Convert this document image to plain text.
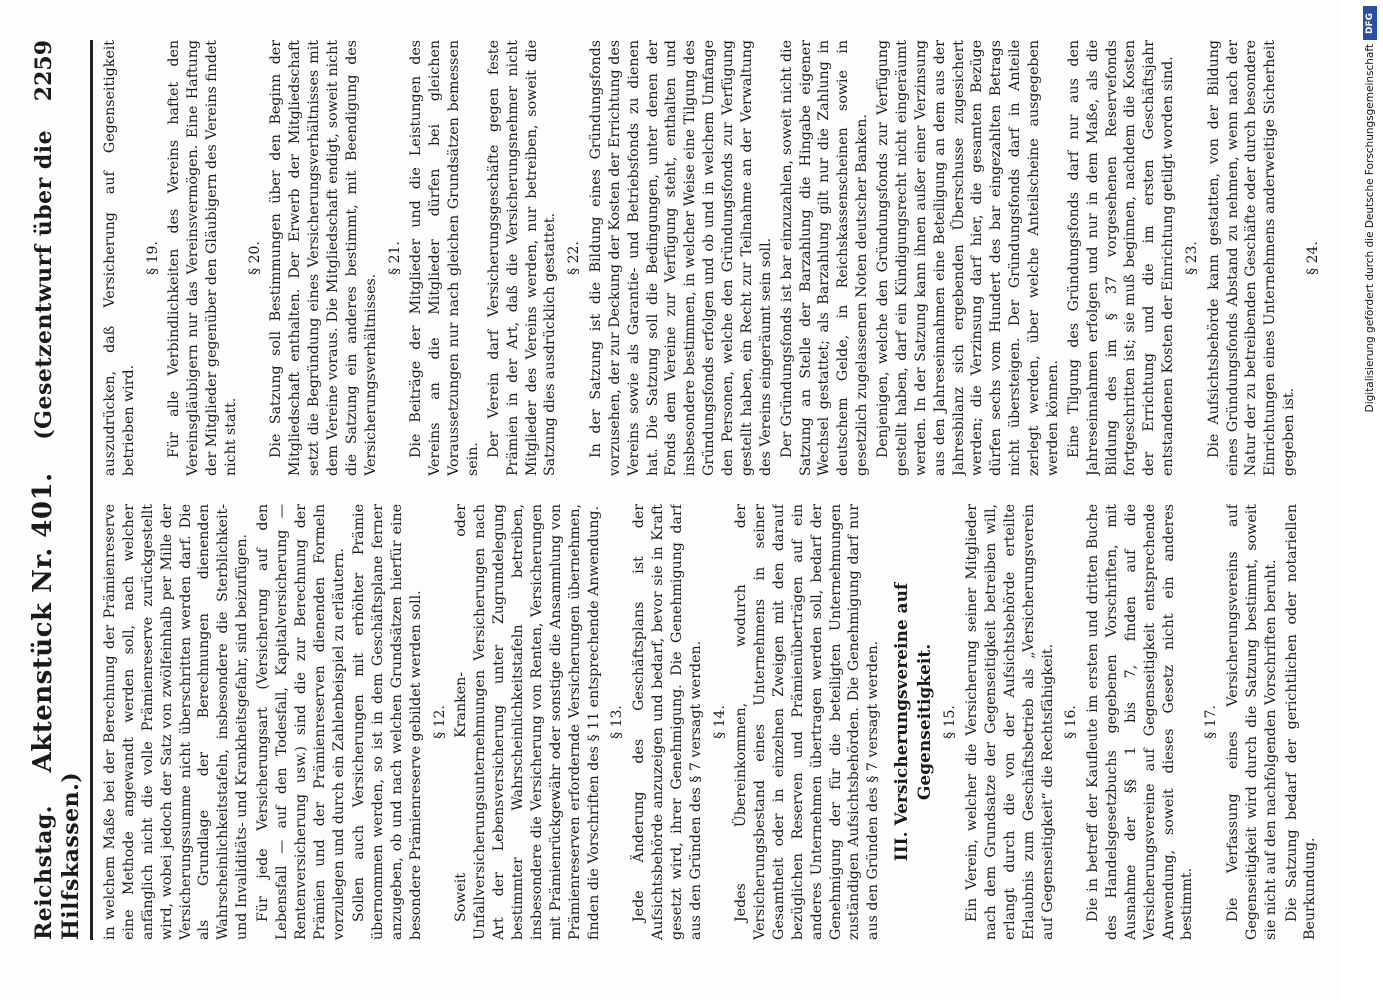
Reichstag.    Aktenstück Nr. 401.    (Gesetzentwurf über die Hilfskassen.)
2259

in welchem Maße bei der Berechnung der Prämienreserve eine Methode angewandt werden soll, nach welcher anfänglich nicht die volle Prämienreserve zurückgestellt wird, wobei jedoch der Satz von zwölfeinhalb per Mille der Versicherungssumme nicht überschritten werden darf. Die als Grundlage der Berechnungen dienenden Wahrscheinlichkeitstafeln, insbesondere die Sterblichkeit- und Invaliditäts- und Krankheitsgefahr, sind beizufügen. Für jede Versicherungsart (Versicherung auf den Lebensfall — auf den Todesfall, Kapitalversicherung — Rentenversicherung usw.) sind die zur Berechnung der Prämien und der Prämienreserven dienenden Formeln vorzulegen und durch ein Zahlenbeispiel zu erläutern. Sollen auch Versicherungen mit erhöhter Prämie übernommen werden, so ist in dem Geschäftsplane ferner anzugeben, ob und nach welchen Grundsätzen hierfür eine besondere Prämienreserve gebildet werden soll. § 12. Soweit Kranken- oder Unfallversicherungsunternehmungen Versicherungen nach Art der Lebensversicherung unter Zugrundelegung bestimmter Wahrscheinlichkeitstafeln betreiben, insbesondere die Versicherung von Renten, Versicherungen mit Prämienrückgewähr oder sonstige die Ansammlung von Prämienreserven erfordernde Versicherungen übernehmen, finden die Vorschriften des § 11 entsprechende Anwendung. § 13. Jede Änderung des Geschäftsplans ist der Aufsichtsbehörde anzuzeigen und bedarf, bevor sie in Kraft gesetzt wird, ihrer Genehmigung. Die Genehmigung darf aus den Gründen des § 7 versagt werden. § 14. Jedes Übereinkommen, wodurch der Versicherungsbestand eines Unternehmens in seiner Gesamtheit oder in einzelnen Zweigen mit den darauf bezüglichen Reserven und Prämienüberträgen auf ein anderes Unternehmen übertragen werden soll, bedarf der Genehmigung der für die beteiligten Unternehmungen zuständigen Aufsichtsbehörden. Die Genehmigung darf nur aus den Gründen des § 7 versagt werden. III. Versicherungsvereine auf Gegenseitigkeit. § 15. Ein Verein, welcher die Versicherung seiner Mitglieder nach dem Grundsatze der Gegenseitigkeit betreiben will, erlangt durch die von der Aufsichtsbehörde erteilte Erlaubnis zum Geschäftsbetrieb als „Versicherungsverein auf Gegenseitigkeit“ die Rechtsfähigkeit. § 16. Die in betreff der Kaufleute im ersten und dritten Buche des Handelsgesetzbuchs gegebenen Vorschriften, mit Ausnahme der §§ 1 bis 7, finden auf die Versicherungsvereine auf Gegenseitigkeit entsprechende Anwendung, soweit dieses Gesetz nicht ein anderes bestimmt.

§ 17. Die Verfassung eines Versicherungsvereins auf Gegenseitigkeit wird durch die Satzung bestimmt, soweit sie nicht auf den nachfolgenden Vorschriften beruht. Die Satzung bedarf der gerichtlichen oder notariellen Beurkundung.

auszudrücken, daß Versicherung auf Gegenseitigkeit betrieben wird.

§ 19. Für alle Verbindlichkeiten des Vereins haftet den Vereinsgläubigern nur das Vereinsvermögen. Eine Haftung der Mitglieder gegenüber den Gläubigern des Vereins findet nicht statt.

§ 20. Die Satzung soll Bestimmungen über den Beginn der Mitgliedschaft enthalten. Der Erwerb der Mitgliedschaft setzt die Begründung eines Versicherungsverhältnisses mit dem Vereine voraus. Die Mitgliedschaft endigt, soweit nicht die Satzung ein anderes bestimmt, mit Beendigung des Versicherungsverhältnisses.

§ 21. Die Beiträge der Mitglieder und die Leistungen des Vereins an die Mitglieder dürfen bei gleichen Voraussetzungen nur nach gleichen Grundsätzen bemessen sein.

Der Verein darf Versicherungsgeschäfte gegen feste Prämien in der Art, daß die Versicherungsnehmer nicht Mitglieder des Vereins werden, nur betreiben, soweit die Satzung dies ausdrücklich gestattet. § 22. In der Satzung ist die Bildung eines Gründungsfonds vorzusehen, der zur Deckung der Kosten der Errichtung des Vereins sowie als Garantie- und Betriebsfonds zu dienen hat. Die Satzung soll die Bedingungen, unter denen der Fonds dem Vereine zur Verfügung steht, enthalten und insbesondere bestimmen, in welcher Weise eine Tilgung des Gründungsfonds erfolgen und ob und in welchem Umfange den Personen, welche den Gründungsfonds zur Verfügung gestellt haben, ein Recht zur Teilnahme an der Verwaltung des Vereins eingeräumt sein soll. Der Gründungsfonds ist bar einzuzahlen, soweit nicht die Satzung an Stelle der Barzahlung die Hingabe eigener Wechsel gestattet; als Barzahlung gilt nur die Zahlung in deutschem Gelde, in Reichskassenscheinen sowie in gesetzlich zugelassenen Noten deutscher Banken. Denjenigen, welche den Gründungsfonds zur Verfügung gestellt haben, darf ein Kündigungsrecht nicht eingeräumt werden. In der Satzung kann ihnen außer einer Verzinsung aus den Jahreseinnahmen eine Beteiligung an dem aus der Jahresbilanz sich ergebenden Überschusse zugesichert werden; die Verzinsung darf hier, die gesamten Bezüge dürfen sechs vom Hundert des bar eingezahlten Betrags nicht übersteigen. Der Gründungsfonds darf in Anteile zerlegt werden, über welche Anteilscheine ausgegeben werden können. Eine Tilgung des Gründungsfonds darf nur aus den Jahreseinnahmen erfolgen und nur in dem Maße, als die Bildung des im § 37 vorgesehenen Reservefonds fortgeschritten ist; sie muß beginnen, nachdem die Kosten der Errichtung und die im ersten Geschäftsjahr entstandenen Kosten der Einrichtung getilgt worden sind. § 23. Die Aufsichtsbehörde kann gestatten, von der Bildung eines Gründungsfonds Abstand zu nehmen, wenn nach der Natur der zu betreibenden Geschäfte oder durch besondere Einrichtungen eines Unternehmens anderweitige Sicherheit gegeben ist.

§ 24.

DFG
Digitalisierung gefördert durch die Deutsche Forschungsgemeinschaft
